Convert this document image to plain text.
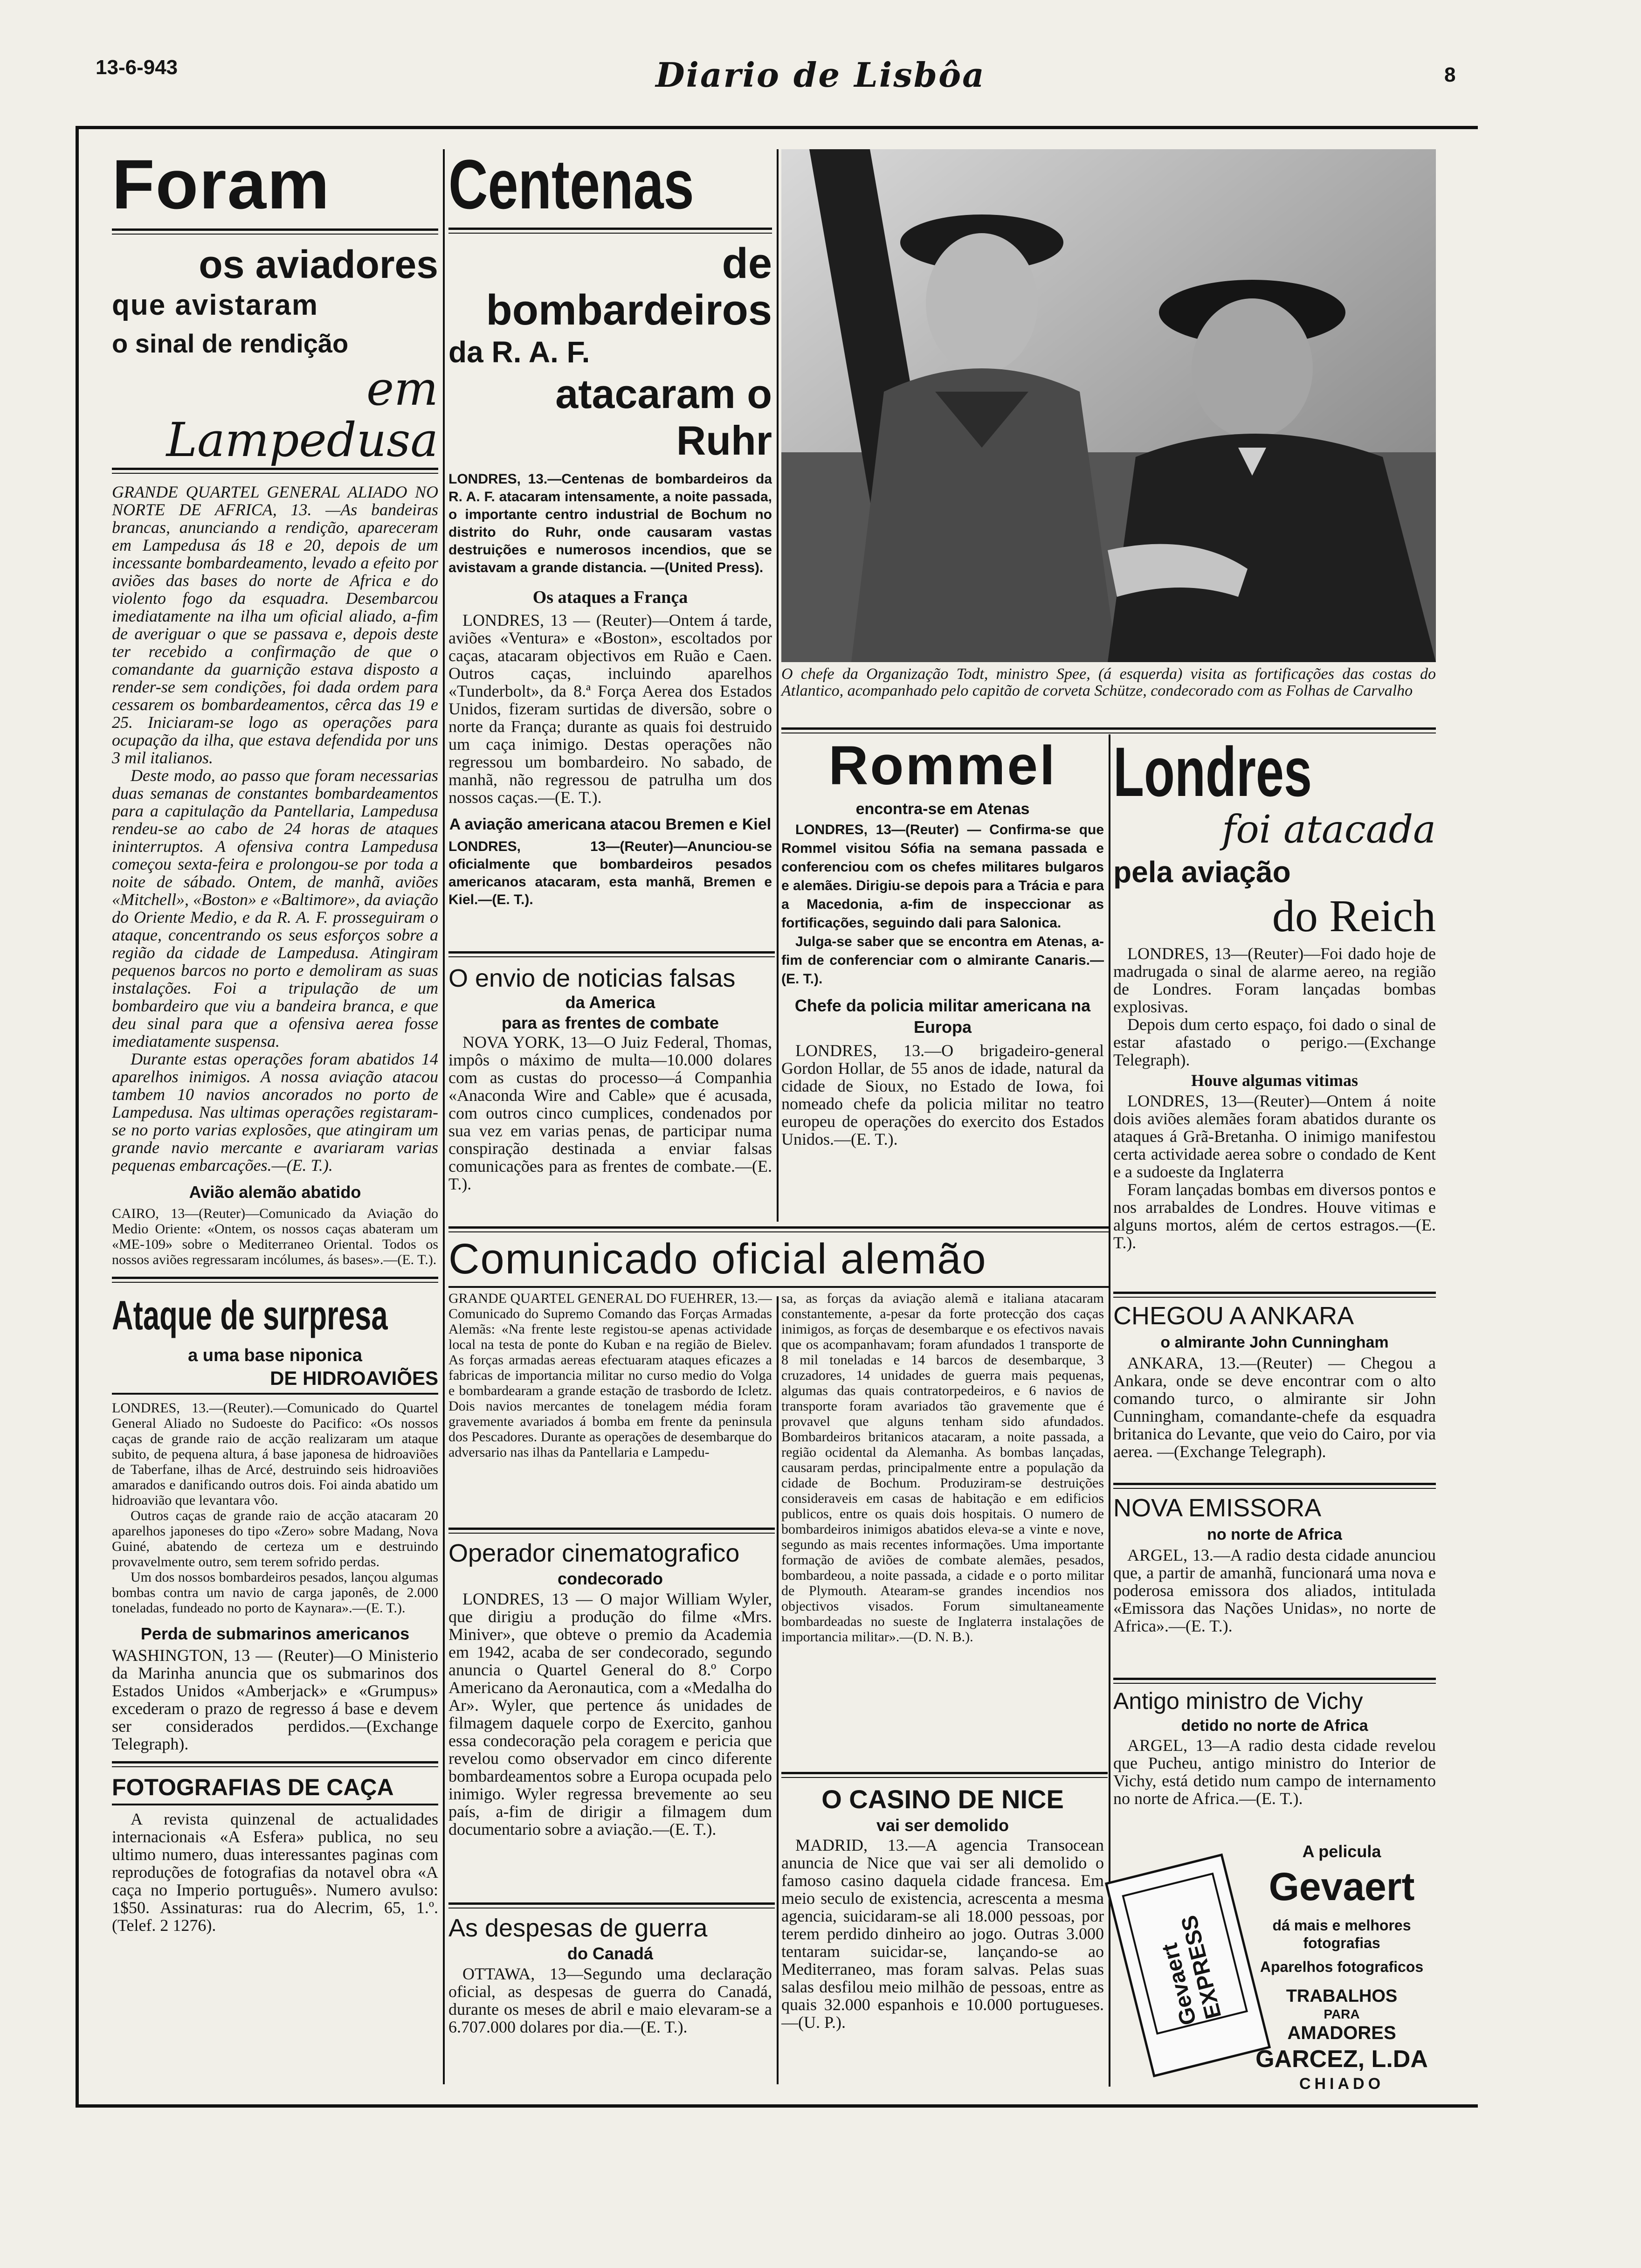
13-6-943	Diario de Lisbôa	8
Foram
os aviadores
que avistaram
o sinal de rendição
em Lampedusa

GRANDE QUARTEL GENERAL ALIADO NO NORTE DE AFRICA, 13. —As bandeiras brancas, anunciando a rendição, apareceram em Lampedusa ás 18 e 20, depois de um incessante bombardeamento, levado a efeito por aviões das bases do norte de Africa e do violento fogo da esquadra. Desembarcou imediatamente na ilha um oficial aliado, a-fim de averiguar o que se passava e, depois deste ter recebido a confirmação de que o comandante da guarnição estava disposto a render-se sem condições, foi dada ordem para cessarem os bombardeamentos, cêrca das 19 e 25. Iniciaram-se logo as operações para ocupação da ilha, que estava defendida por uns 3 mil italianos.

Deste modo, ao passo que foram necessarias duas semanas de constantes bombardeamentos para a capitulação da Pantellaria, Lampedusa rendeu-se ao cabo de 24 horas de ataques ininterruptos. A ofensiva contra Lampedusa começou sexta-feira e prolongou-se por toda a noite de sábado. Ontem, de manhã, aviões «Mitchell», «Boston» e «Baltimore», da aviação do Oriente Medio, e da R. A. F. prosseguiram o ataque, concentrando os seus esforços sobre a região da cidade de Lampedusa. Atingiram pequenos barcos no porto e demoliram as suas instalações. Foi a tripulação de um bombardeiro que viu a bandeira branca, e que deu sinal para que a ofensiva aerea fosse imediatamente suspensa.

Durante estas operações foram abatidos 14 aparelhos inimigos. A nossa aviação atacou tambem 10 navios ancorados no porto de Lampedusa. Nas ultimas operações registaram-se no porto varias explosões, que atingiram um grande navio mercante e avariaram varias pequenas embarcações.—(E. T.).

Avião alemão abatido

CAIRO, 13—(Reuter)—Comunicado da Aviação do Medio Oriente: «Ontem, os nossos caças abateram um «ME-109» sobre o Mediterraneo Oriental. Todos os nossos aviões regressaram incólumes, ás bases».—(E. T.).

Ataque de surpresa
a uma base niponica
DE HIDROAVIÕES

LONDRES, 13.—(Reuter).—Comunicado do Quartel General Aliado no Sudoeste do Pacifico: «Os nossos caças de grande raio de acção realizaram um ataque subito, de pequena altura, á base japonesa de hidroaviões de Taberfane, ilhas de Arcé, destruindo seis hidroaviões amarados e danificando outros dois. Foi ainda abatido um hidroavião que levantara vôo.

Outros caças de grande raio de acção atacaram 20 aparelhos japoneses do tipo «Zero» sobre Madang, Nova Guiné, abatendo de certeza um e destruindo provavelmente outro, sem terem sofrido perdas.

Um dos nossos bombardeiros pesados, lançou algumas bombas contra um navio de carga japonês, de 2.000 toneladas, fundeado no porto de Kaynara».—(E. T.).

Perda de submarinos americanos

WASHINGTON, 13 — (Reuter)—O Ministerio da Marinha anuncia que os submarinos dos Estados Unidos «Amberjack» e «Grumpus» excederam o prazo de regresso á base e devem ser considerados perdidos.—(Exchange Telegraph).

FOTOGRAFIAS DE CAÇA

A revista quinzenal de actualidades internacionais «A Esfera» publica, no seu ultimo numero, duas interessantes paginas com reproduções de fotografias da notavel obra «A caça no Imperio português». Numero avulso: 1$50. Assinaturas: rua do Alecrim, 65, 1.º. (Telef. 2 1276).

Centenas
de bombardeiros
da R. A. F.
atacaram o Ruhr

LONDRES, 13.—Centenas de bombardeiros da R. A. F. atacaram intensamente, a noite passada, o importante centro industrial de Bochum no distrito do Ruhr, onde causaram vastas destruições e numerosos incendios, que se avistavam a grande distancia. —(United Press).

Os ataques a França

LONDRES, 13 — (Reuter)—Ontem á tarde, aviões «Ventura» e «Boston», escoltados por caças, atacaram objectivos em Ruão e Caen. Outros caças, incluindo aparelhos «Tunderbolt», da 8.ª Força Aerea dos Estados Unidos, fizeram surtidas de diversão, sobre o norte da França; durante as quais foi destruido um caça inimigo. Destas operações não regressou um bombardeiro. No sabado, de manhã, não regressou de patrulha um dos nossos caças.—(E. T.).

A aviação americana atacou Bremen e Kiel

LONDRES, 13—(Reuter)—Anunciou-se oficialmente que bombardeiros pesados americanos atacaram, esta manhã, Bremen e Kiel.—(E. T.).

O envio de noticias falsas
da America
para as frentes de combate

NOVA YORK, 13—O Juiz Federal, Thomas, impôs o máximo de multa—10.000 dolares com as custas do processo—á Companhia «Anaconda Wire and Cable» que é acusada, com outros cinco cumplices, condenados por sua vez em varias penas, de participar numa conspiração destinada a enviar falsas comunicações para as frentes de combate.—(E. T.).

O chefe da Organização Todt, ministro Spee, (á esquerda) visita as fortificações das costas do Atlantico, acompanhado pelo capitão de corveta Schütze, condecorado com as Folhas de Carvalho
Rommel
encontra-se em Atenas

LONDRES, 13—(Reuter) — Confirma-se que Rommel visitou Sófia na semana passada e conferenciou com os chefes militares bulgaros e alemães. Dirigiu-se depois para a Trácia e para a Macedonia, a-fim de inspeccionar as fortificações, seguindo dali para Salonica.

Julga-se saber que se encontra em Atenas, a-fim de conferenciar com o almirante Canaris.—(E. T.).

Chefe da policia militar americana na Europa

LONDRES, 13.—O brigadeiro-general Gordon Hollar, de 55 anos de idade, natural da cidade de Sioux, no Estado de Iowa, foi nomeado chefe da policia militar no teatro europeu de operações do exercito dos Estados Unidos.—(E. T.).

Londres
foi atacada
pela aviação
do Reich

LONDRES, 13—(Reuter)—Foi dado hoje de madrugada o sinal de alarme aereo, na região de Londres. Foram lançadas bombas explosivas.

Depois dum certo espaço, foi dado o sinal de estar afastado o perigo.—(Exchange Telegraph).

Houve algumas vitimas

LONDRES, 13—(Reuter)—Ontem á noite dois aviões alemães foram abatidos durante os ataques á Grã-Bretanha. O inimigo manifestou certa actividade aerea sobre o condado de Kent e a sudoeste da Inglaterra

Foram lançadas bombas em diversos pontos e nos arrabaldes de Londres. Houve vitimas e alguns mortos, além de certos estragos.—(E. T.).

Comunicado oficial alemão

GRANDE QUARTEL GENERAL DO FUEHRER, 13.—Comunicado do Supremo Comando das Forças Armadas Alemãs: «Na frente leste registou-se apenas actividade local na testa de ponte do Kuban e na região de Bielev. As forças armadas aereas efectuaram ataques eficazes a fabricas de importancia militar no curso medio do Volga e bombardearam a grande estação de trasbordo de Icletz. Dois navios mercantes de tonelagem média foram gravemente avariados á bomba em frente da peninsula dos Pescadores. Durante as operações de desembarque do adversario nas ilhas da Pantellaria e Lampedu-

sa, as forças da aviação alemã e italiana atacaram constantemente, a-pesar da forte protecção dos caças inimigos, as forças de desembarque e os efectivos navais que os acompanhavam; foram afundados 1 transporte de 8 mil toneladas e 14 barcos de desembarque, 3 cruzadores, 14 unidades de guerra mais pequenas, algumas das quais contratorpedeiros, e 6 navios de transporte foram avariados tão gravemente que é provavel que alguns tenham sido afundados. Bombardeiros britanicos atacaram, a noite passada, a região ocidental da Alemanha. As bombas lançadas, causaram perdas, principalmente entre a população da cidade de Bochum. Produziram-se destruições consideraveis em casas de habitação e em edificios publicos, entre os quais dois hospitais. O numero de bombardeiros inimigos abatidos eleva-se a vinte e nove, segundo as mais recentes informações. Uma importante formação de aviões de combate alemães, pesados, bombardeou, a noite passada, a cidade e o porto militar de Plymouth. Atearam-se grandes incendios nos objectivos visados. Forum simultaneamente bombardeadas no sueste de Inglaterra instalações de importancia militar».—(D. N. B.).

Operador cinematografico
condecorado

LONDRES, 13 — O major William Wyler, que dirigiu a produção do filme «Mrs. Miniver», que obteve o premio da Academia em 1942, acaba de ser condecorado, segundo anuncia o Quartel General do 8.º Corpo Americano da Aeronautica, com a «Medalha do Ar». Wyler, que pertence ás unidades de filmagem daquele corpo de Exercito, ganhou essa condecoração pela coragem e pericia que revelou como observador em cinco diferente bombardeamentos sobre a Europa ocupada pelo inimigo. Wyler regressa brevemente ao seu país, a-fim de dirigir a filmagem dum documentario sobre a aviação.—(E. T.).

As despesas de guerra
do Canadá

OTTAWA, 13—Segundo uma declaração oficial, as despesas de guerra do Canadá, durante os meses de abril e maio elevaram-se a 6.707.000 dolares por dia.—(E. T.).

O CASINO DE NICE
vai ser demolido

MADRID, 13.—A agencia Transocean anuncia de Nice que vai ser ali demolido o famoso casino daquela cidade francesa. Em meio seculo de existencia, acrescenta a mesma agencia, suicidaram-se ali 18.000 pessoas, por terem perdido dinheiro ao jogo. Outras 3.000 tentaram suicidar-se, lançando-se ao Mediterraneo, mas foram salvas. Pelas suas salas desfilou meio milhão de pessoas, entre as quais 32.000 espanhois e 10.000 portugueses. —(U. P.).

CHEGOU A ANKARA
o almirante John Cunningham

ANKARA, 13.—(Reuter) — Chegou a Ankara, onde se deve encontrar com o alto comando turco, o almirante sir John Cunningham, comandante-chefe da esquadra britanica do Levante, que veio do Cairo, por via aerea. —(Exchange Telegraph).

NOVA EMISSORA
no norte de Africa

ARGEL, 13.—A radio desta cidade anunciou que, a partir de amanhã, funcionará uma nova e poderosa emissora dos aliados, intitulada «Emissora das Nações Unidas», no norte de Africa».—(E. T.).

Antigo ministro de Vichy
detido no norte de Africa

ARGEL, 13—A radio desta cidade revelou que Pucheu, antigo ministro do Interior de Vichy, está detido num campo de internamento no norte de Africa.—(E. T.).

Gevaert EXPRESS
A pelicula
Gevaert
dá mais e melhores fotografias
Aparelhos fotograficos
TRABALHOS
PARA
AMADORES
GARCEZ, L.DA
CHIADO
